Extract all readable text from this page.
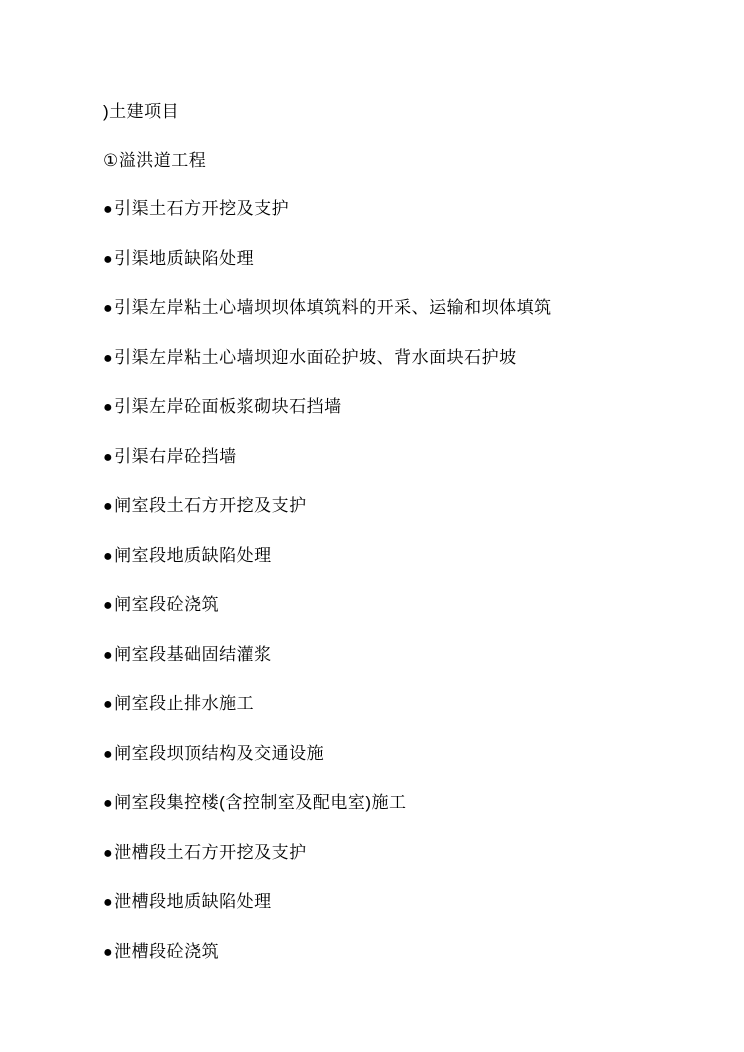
)土建项目
①溢洪道工程
●引渠土石方开挖及支护
●引渠地质缺陷处理
●引渠左岸粘土心墙坝坝体填筑料的开采、运输和坝体填筑
●引渠左岸粘土心墙坝迎水面砼护坡、背水面块石护坡
●引渠左岸砼面板浆砌块石挡墙
●引渠右岸砼挡墙
●闸室段土石方开挖及支护
●闸室段地质缺陷处理
●闸室段砼浇筑
●闸室段基础固结灌浆
●闸室段止排水施工
●闸室段坝顶结构及交通设施
●闸室段集控楼(含控制室及配电室)施工
●泄槽段土石方开挖及支护
●泄槽段地质缺陷处理
●泄槽段砼浇筑
